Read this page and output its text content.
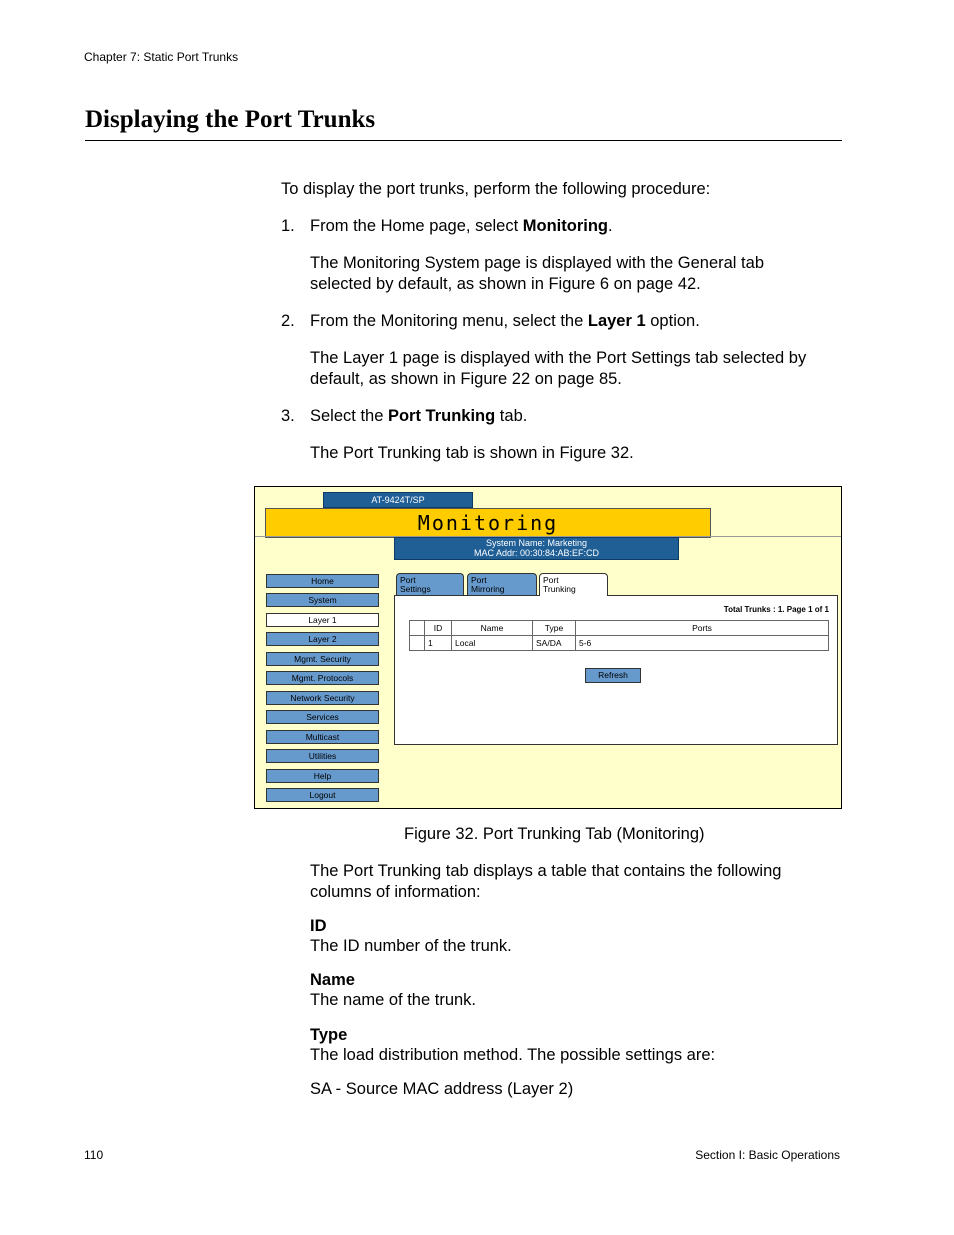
Chapter 7: Static Port Trunks
Displaying the Port Trunks
To display the port trunks, perform the following procedure:
1. From the Home page, select Monitoring.
The Monitoring System page is displayed with the General tab selected by default, as shown in Figure 6 on page 42.
2. From the Monitoring menu, select the Layer 1 option.
The Layer 1 page is displayed with the Port Settings tab selected by default, as shown in Figure 22 on page 85.
3. Select the Port Trunking tab.
The Port Trunking tab is shown in Figure 32.
AT-9424T/SP
Monitoring
System Name: Marketing
MAC Addr: 00:30:84:AB:EF:CD
Home
System
Layer 1
Layer 2
Mgmt. Security
Mgmt. Protocols
Network Security
Services
Multicast
Utilities
Help
Logout
Port
Settings
Port
Mirroring
Port
Trunking
Total Trunks : 1. Page 1 of 1
	ID	Name	Type	Ports
	1	Local	SA/DA	5-6
Refresh
Figure 32. Port Trunking Tab (Monitoring)
The Port Trunking tab displays a table that contains the following columns of information:
ID
The ID number of the trunk.
Name
The name of the trunk.
Type
The load distribution method. The possible settings are:
SA - Source MAC address (Layer 2)
110	Section I: Basic Operations
